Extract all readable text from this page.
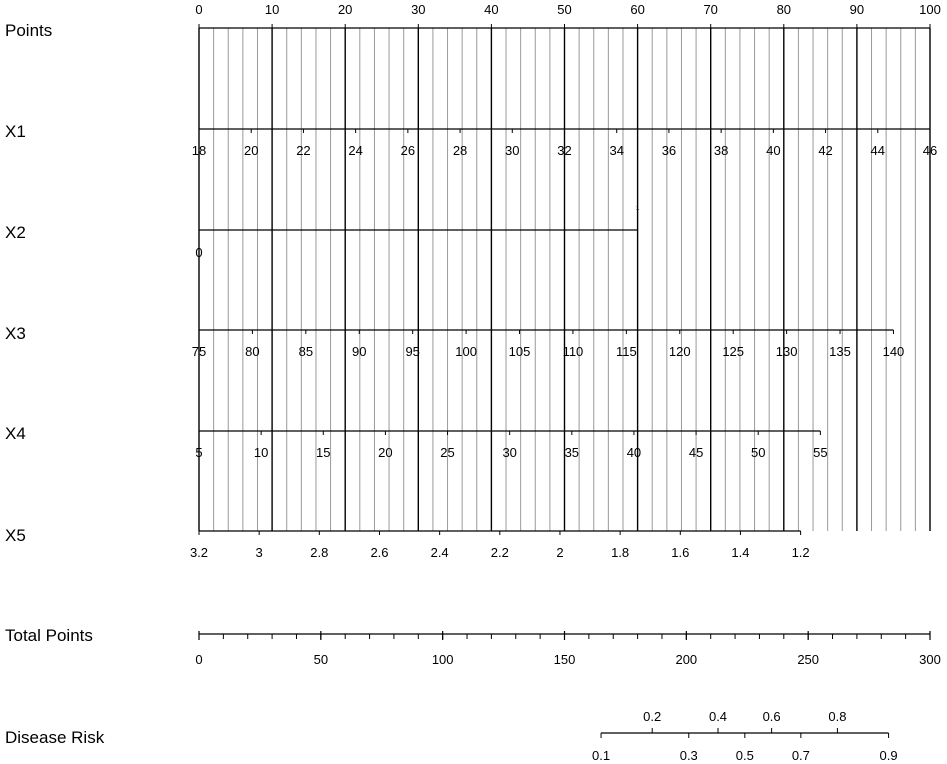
Points
X1
X2
X3
X4
X5
Total Points
Disease Risk
0	10	20	30	40	50	60	70	80	90	100
18	20	22	24	26	28	30	32	34	36	38	40	42	44	46
0
1
75	80	85	90	95	100 105 110	115 120 125 130 135 140
5	10	15	20	25	30	35	40	45	50	55
3.2	3	2.8	2.6	2.4	2.2	2	1.8	1.6	1.4	1.2
0	50	100	150	200	250	300
0.2	0.4	0.6	0.8
0.1	0.3	0.5	0.7	0.9
